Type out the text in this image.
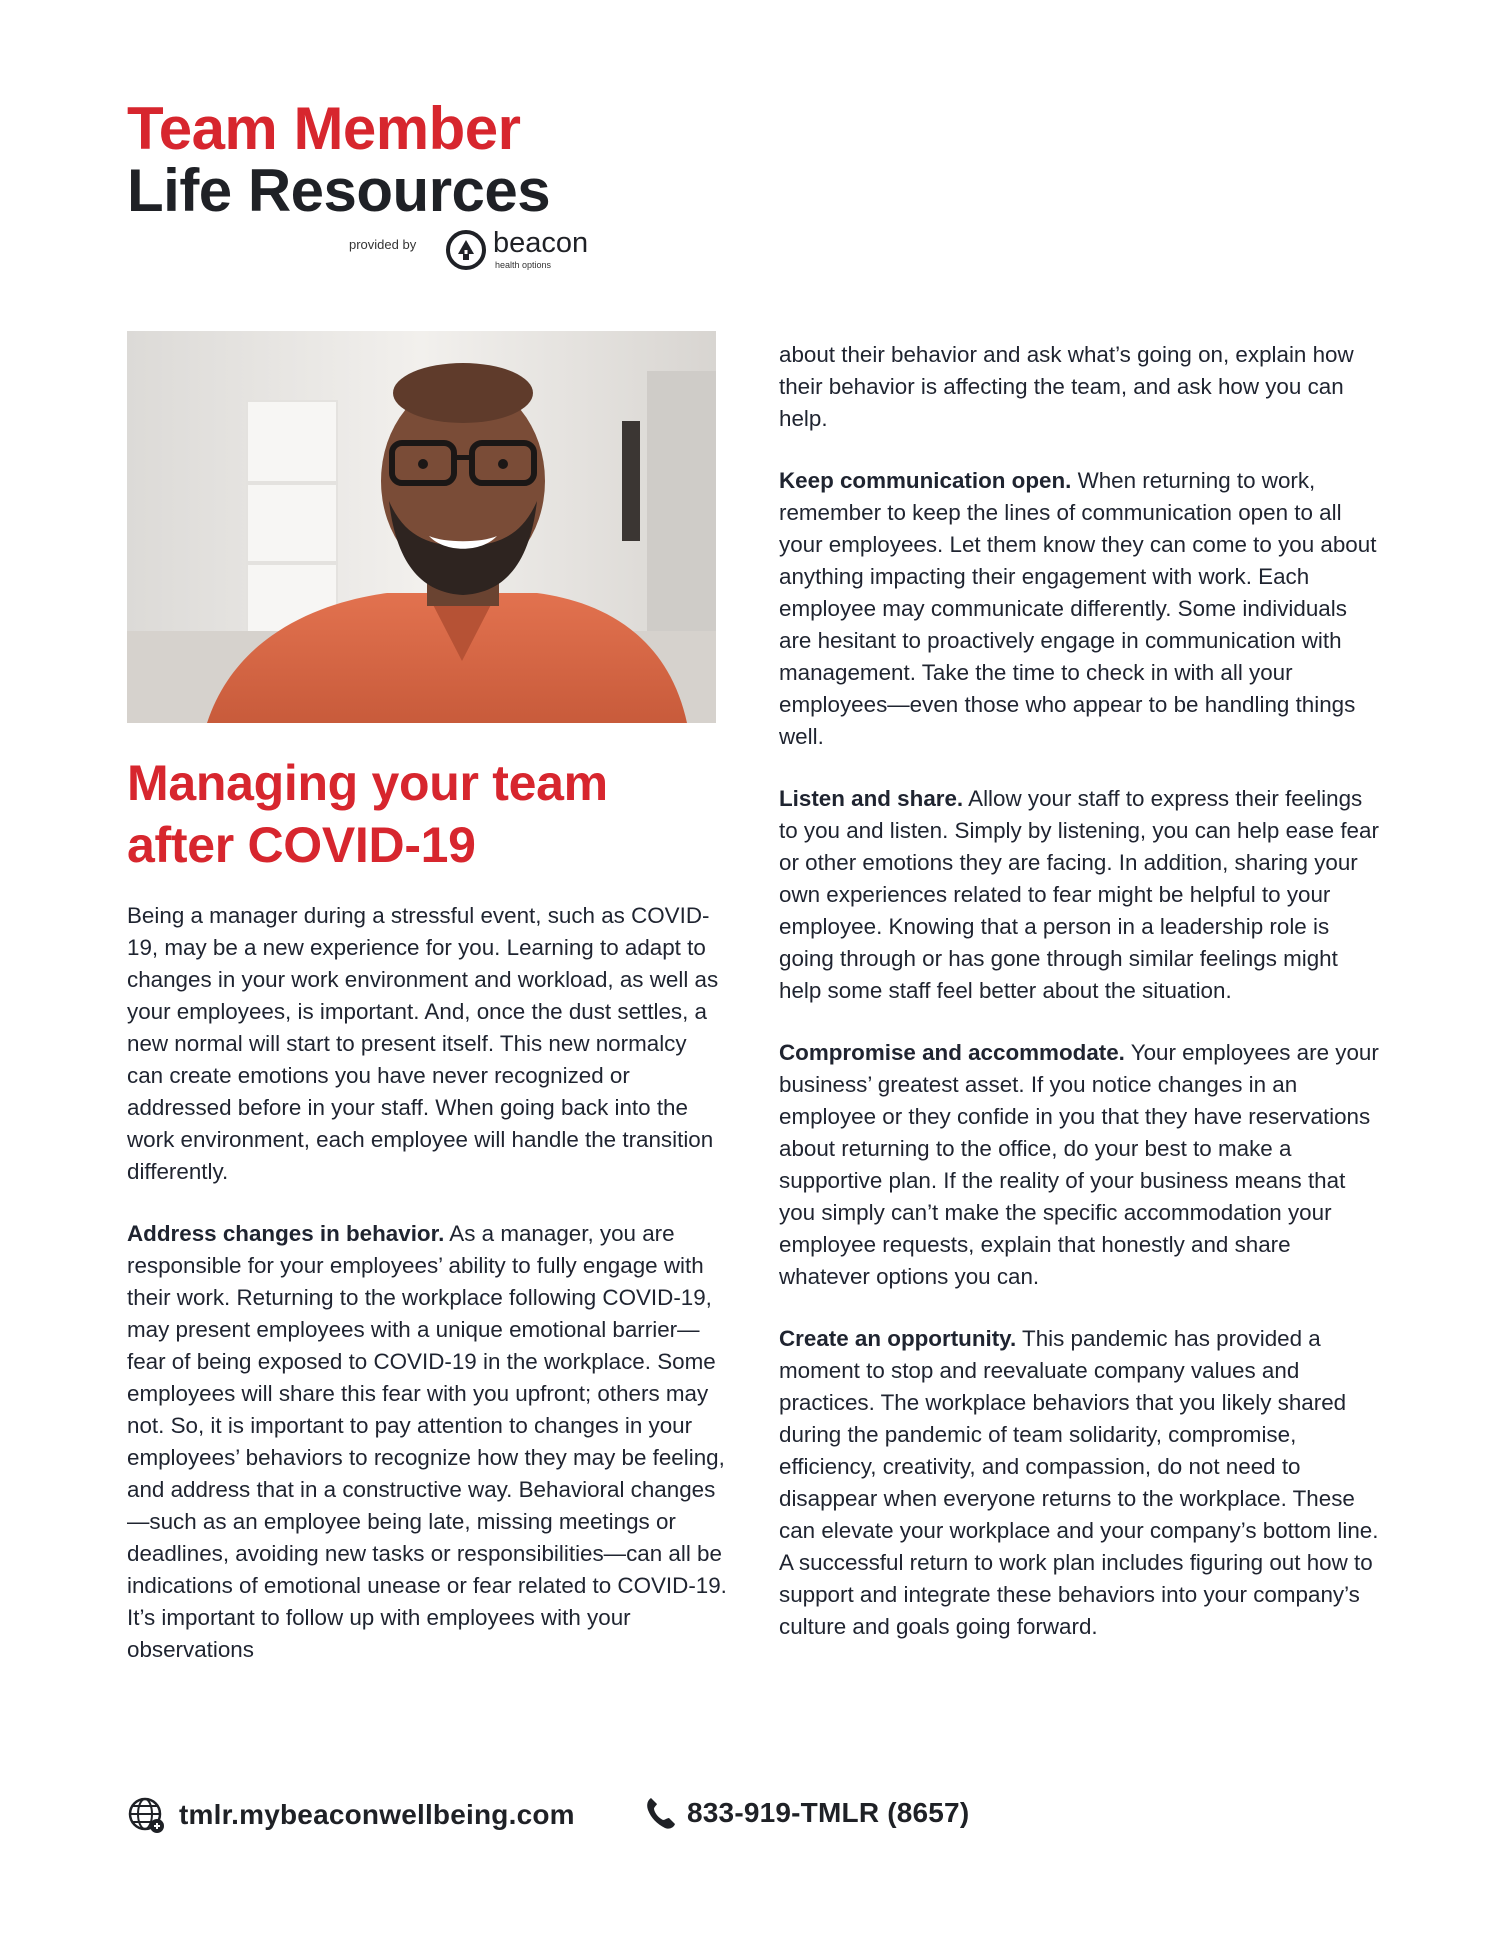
Team Member
Life Resources
provided by	beacon
health options
Managing your team after COVID-19

Being a manager during a stressful event, such as COVID-19, may be a new experience for you. Learning to adapt to changes in your work environment and workload, as well as your employees, is important. And, once the dust settles, a new normal will start to present itself. This new normalcy can create emotions you have never recognized or addressed before in your staff. When going back into the work environment, each employee will handle the transition differently.

Address changes in behavior. As a manager, you are responsible for your employees’ ability to fully engage with their work. Returning to the workplace following COVID-19, may present employees with a unique emotional barrier—fear of being exposed to COVID-19 in the workplace. Some employees will share this fear with you upfront; others may not. So, it is important to pay attention to changes in your employees’ behaviors to recognize how they may be feeling, and address that in a constructive way. Behavioral changes—such as an employee being late, missing meetings or deadlines, avoiding new tasks or responsibilities—can all be indications of emotional unease or fear related to COVID-19. It’s important to follow up with employees with your observations

about their behavior and ask what’s going on, explain how their behavior is affecting the team, and ask how you can help.

Keep communication open. When returning to work, remember to keep the lines of communication open to all your employees. Let them know they can come to you about anything impacting their engagement with work. Each employee may communicate differently. Some individuals are hesitant to proactively engage in communication with management. Take the time to check in with all your employees—even those who appear to be handling things well.

Listen and share. Allow your staff to express their feelings to you and listen. Simply by listening, you can help ease fear or other emotions they are facing. In addition, sharing your own experiences related to fear might be helpful to your employee. Knowing that a person in a leadership role is going through or has gone through similar feelings might help some staff feel better about the situation.

Compromise and accommodate. Your employees are your business’ greatest asset. If you notice changes in an employee or they confide in you that they have reservations about returning to the office, do your best to make a supportive plan. If the reality of your business means that you simply can’t make the specific accommodation your employee requests, explain that honestly and share whatever options you can.

Create an opportunity. This pandemic has provided a moment to stop and reevaluate company values and practices. The workplace behaviors that you likely shared during the pandemic of team solidarity, compromise, efficiency, creativity, and compassion, do not need to disappear when everyone returns to the workplace. These can elevate your workplace and your company’s bottom line. A successful return to work plan includes figuring out how to support and integrate these behaviors into your company’s culture and goals going forward.

tmlr.mybeaconwellbeing.com	833-919-TMLR (8657)
